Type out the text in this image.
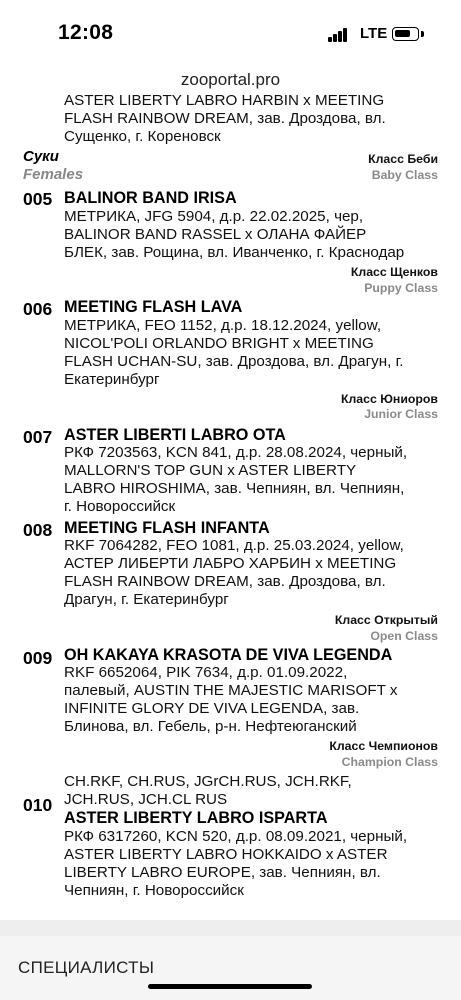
12:08	LTE
zooportal.pro
ASTER LIBERTY LABRO HARBIN x MEETING
FLASH RAINBOW DREAM, зав. Дроздова, вл.
Сущенко, г. Кореновск
Суки
Females
Класс Беби
Baby Class
005 BALINOR BAND IRISA
МЕТРИКА, JFG 5904, д.р. 22.02.2025, чер,
BALINOR BAND RASSEL x ОЛАНА ФАЙЕР
БЛЕК, зав. Рощина, вл. Иванченко, г. Краснодар
Класс Щенков
Puppy Class
006 MEETING FLASH LAVA
МЕТРИКА, FEO 1152, д.р. 18.12.2024, yellow,
NICOL'POLI ORLANDO BRIGHT x MEETING
FLASH UCHAN-SU, зав. Дроздова, вл. Драгун, г.
Екатеринбург
Класс Юниоров
Junior Class
007 ASTER LIBERTI LABRO OTA
РКФ 7203563, KCN 841, д.р. 28.08.2024, черный,
MALLORN'S TOP GUN x ASTER LIBERTY
LABRO HIROSHIMA, зав. Чепниян, вл. Чепниян,
г. Новороссийск
008 MEETING FLASH INFANTA
RKF 7064282, FEO 1081, д.р. 25.03.2024, yellow,
АСТЕР ЛИБЕРТИ ЛАБРО ХАРБИН x MEETING
FLASH RAINBOW DREAM, зав. Дроздова, вл.
Драгун, г. Екатеринбург
Класс Открытый
Open Class
009 OH KAKAYA KRASOTA DE VIVA LEGENDA
RKF 6652064, PIK 7634, д.р. 01.09.2022,
палевый, AUSTIN THE MAJESTIC MARISOFT x
INFINITE GLORY DE VIVA LEGENDA, зав.
Блинова, вл. Гебель, р-н. Нефтеюганский
Класс Чемпионов
Champion Class
CH.RKF, CH.RUS, JGrCH.RUS, JCH.RKF,
JCH.RUS, JCH.CL RUS
010
ASTER LIBERTY LABRO ISPARTA
РКФ 6317260, KCN 520, д.р. 08.09.2021, черный,
ASTER LIBERTY LABRO HOKKAIDO x ASTER
LIBERTY LABRO EUROPE, зав. Чепниян, вл.
Чепниян, г. Новороссийск
СПЕЦИАЛИСТЫ
